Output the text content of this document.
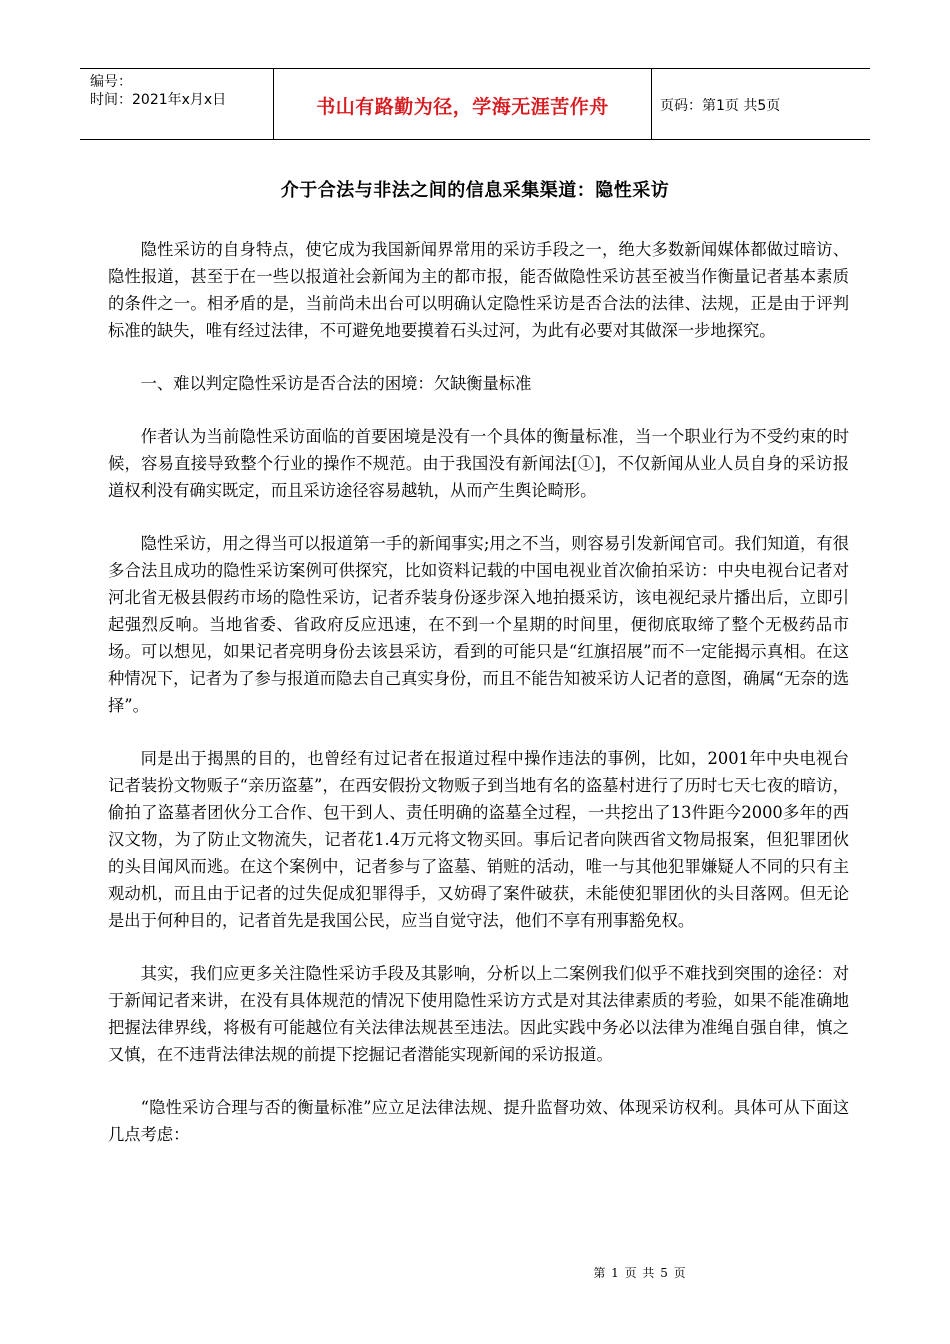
编号：
时间：2021年x月x日	书山有路勤为径，学海无涯苦作舟	页码：第1页 共5页
介于合法与非法之间的信息采集渠道：隐性采访

隐性采访的自身特点，使它成为我国新闻界常用的采访手段之一，绝大多数新闻媒体都做过暗访、隐性报道，甚至于在一些以报道社会新闻为主的都市报，能否做隐性采访甚至被当作衡量记者基本素质的条件之一。相矛盾的是，当前尚未出台可以明确认定隐性采访是否合法的法律、法规，正是由于评判标准的缺失，唯有经过法律，不可避免地要摸着石头过河，为此有必要对其做深一步地探究。

一、难以判定隐性采访是否合法的困境：欠缺衡量标准

作者认为当前隐性采访面临的首要困境是没有一个具体的衡量标准，当一个职业行为不受约束的时候，容易直接导致整个行业的操作不规范。由于我国没有新闻法[①]，不仅新闻从业人员自身的采访报道权利没有确实既定，而且采访途径容易越轨，从而产生舆论畸形。

隐性采访，用之得当可以报道第一手的新闻事实;用之不当，则容易引发新闻官司。我们知道，有很多合法且成功的隐性采访案例可供探究，比如资料记载的中国电视业首次偷拍采访：中央电视台记者对河北省无极县假药市场的隐性采访，记者乔装身份逐步深入地拍摄采访，该电视纪录片播出后，立即引起强烈反响。当地省委、省政府反应迅速，在不到一个星期的时间里，便彻底取缔了整个无极药品市场。可以想见，如果记者亮明身份去该县采访，看到的可能只是“红旗招展”而不一定能揭示真相。在这种情况下，记者为了参与报道而隐去自己真实身份，而且不能告知被采访人记者的意图，确属“无奈的选择”。

同是出于揭黑的目的，也曾经有过记者在报道过程中操作违法的事例，比如，2001年中央电视台记者装扮文物贩子“亲历盗墓”，在西安假扮文物贩子到当地有名的盗墓村进行了历时七天七夜的暗访，偷拍了盗墓者团伙分工合作、包干到人、责任明确的盗墓全过程，一共挖出了13件距今2000多年的西汉文物，为了防止文物流失，记者花1.4万元将文物买回。事后记者向陕西省文物局报案，但犯罪团伙的头目闻风而逃。在这个案例中，记者参与了盗墓、销赃的活动，唯一与其他犯罪嫌疑人不同的只有主观动机，而且由于记者的过失促成犯罪得手，又妨碍了案件破获，未能使犯罪团伙的头目落网。但无论是出于何种目的，记者首先是我国公民，应当自觉守法，他们不享有刑事豁免权。

其实，我们应更多关注隐性采访手段及其影响，分析以上二案例我们似乎不难找到突围的途径：对于新闻记者来讲，在没有具体规范的情况下使用隐性采访方式是对其法律素质的考验，如果不能准确地把握法律界线，将极有可能越位有关法律法规甚至违法。因此实践中务必以法律为准绳自强自律，慎之又慎，在不违背法律法规的前提下挖掘记者潜能实现新闻的采访报道。

“隐性采访合理与否的衡量标准”应立足法律法规、提升监督功效、体现采访权利。具体可从下面这几点考虑：

第 1 页 共 5 页
